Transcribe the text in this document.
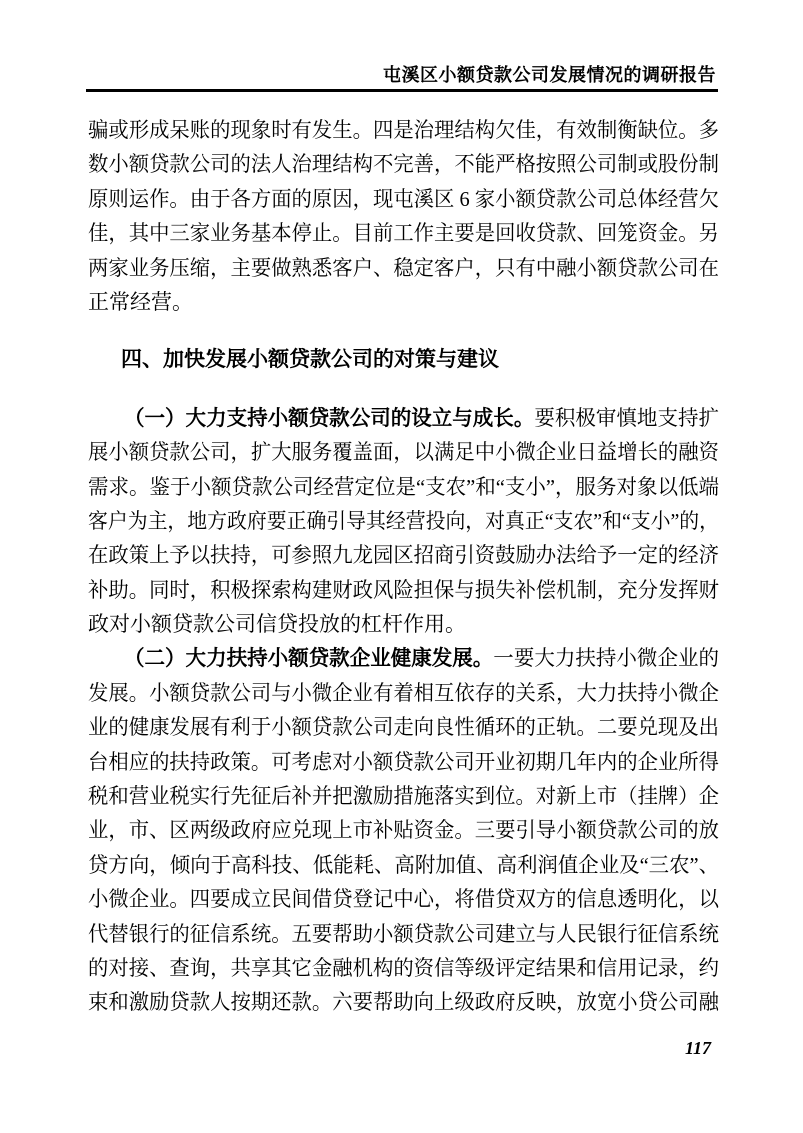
屯溪区小额贷款公司发展情况的调研报告
骗或形成呆账的现象时有发生。四是治理结构欠佳，有效制衡缺位。多
数小额贷款公司的法人治理结构不完善，不能严格按照公司制或股份制
原则运作。由于各方面的原因，现屯溪区 6 家小额贷款公司总体经营欠
佳，其中三家业务基本停止。目前工作主要是回收贷款、回笼资金。另
两家业务压缩，主要做熟悉客户、稳定客户，只有中融小额贷款公司在
正常经营。
四、加快发展小额贷款公司的对策与建议
（一）大力支持小额贷款公司的设立与成长。要积极审慎地支持扩
展小额贷款公司，扩大服务覆盖面，以满足中小微企业日益增长的融资
需求。鉴于小额贷款公司经营定位是“支农”和“支小”，服务对象以低端
客户为主，地方政府要正确引导其经营投向，对真正“支农”和“支小”的，
在政策上予以扶持，可参照九龙园区招商引资鼓励办法给予一定的经济
补助。同时，积极探索构建财政风险担保与损失补偿机制，充分发挥财
政对小额贷款公司信贷投放的杠杆作用。
（二）大力扶持小额贷款企业健康发展。一要大力扶持小微企业的
发展。小额贷款公司与小微企业有着相互依存的关系，大力扶持小微企
业的健康发展有利于小额贷款公司走向良性循环的正轨。二要兑现及出
台相应的扶持政策。可考虑对小额贷款公司开业初期几年内的企业所得
税和营业税实行先征后补并把激励措施落实到位。对新上市（挂牌）企
业，市、区两级政府应兑现上市补贴资金。三要引导小额贷款公司的放
贷方向，倾向于高科技、低能耗、高附加值、高利润值企业及“三农”、
小微企业。四要成立民间借贷登记中心，将借贷双方的信息透明化，以
代替银行的征信系统。五要帮助小额贷款公司建立与人民银行征信系统
的对接、查询，共享其它金融机构的资信等级评定结果和信用记录，约
束和激励贷款人按期还款。六要帮助向上级政府反映，放宽小贷公司融
117
